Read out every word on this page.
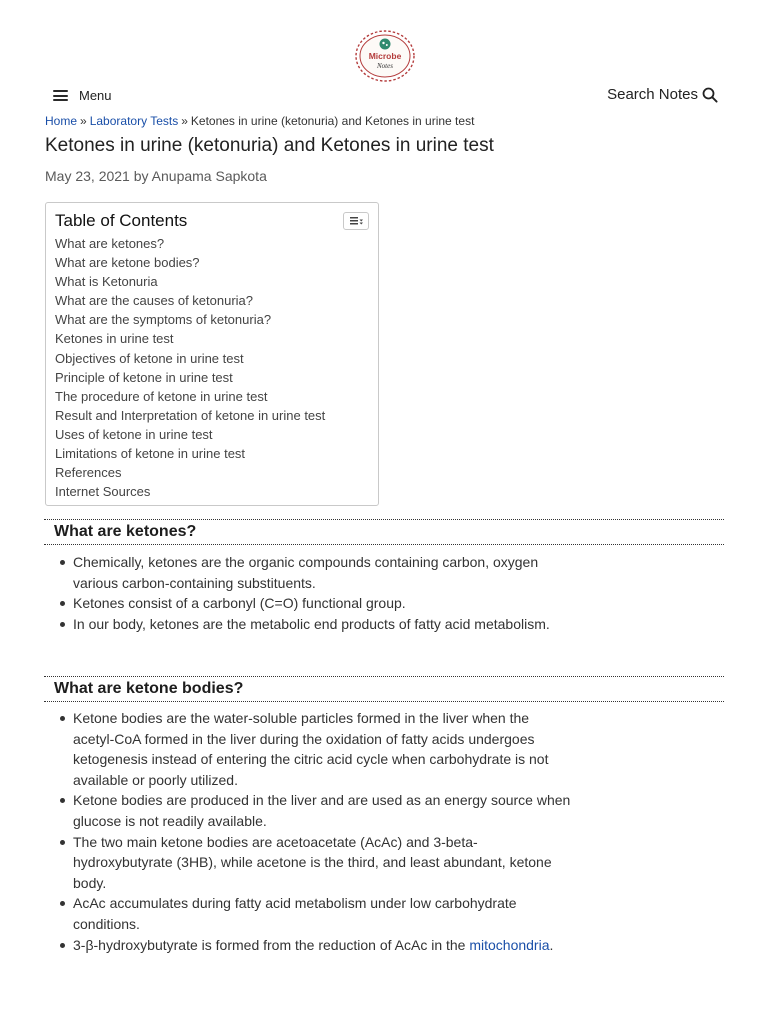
Microbe
Notes
Menu	Search Notes
Home » Laboratory Tests » Ketones in urine (ketonuria) and Ketones in urine test
Ketones in urine (ketonuria) and Ketones in urine test
May 23, 2021 by Anupama Sapkota
Table of Contents
What are ketones?
What are ketone bodies?
What is Ketonuria
What are the causes of ketonuria?
What are the symptoms of ketonuria?
Ketones in urine test
Objectives of ketone in urine test
Principle of ketone in urine test
The procedure of ketone in urine test
Result and Interpretation of ketone in urine test
Uses of ketone in urine test
Limitations of ketone in urine test
References
Internet Sources
What are ketones?
Chemically, ketones are the organic compounds containing carbon, oxygen various carbon-containing substituents.
Ketones consist of a carbonyl (C=O) functional group.
In our body, ketones are the metabolic end products of fatty acid metabolism.
What are ketone bodies?
Ketone bodies are the water-soluble particles formed in the liver when the acetyl-CoA formed in the liver during the oxidation of fatty acids undergoes ketogenesis instead of entering the citric acid cycle when carbohydrate is not available or poorly utilized.
Ketone bodies are produced in the liver and are used as an energy source when glucose is not readily available.
The two main ketone bodies are acetoacetate (AcAc) and 3-beta-hydroxybutyrate (3HB), while acetone is the third, and least abundant, ketone body.
AcAc accumulates during fatty acid metabolism under low carbohydrate conditions.
3-β-hydroxybutyrate is formed from the reduction of AcAc in the mitochondria.
